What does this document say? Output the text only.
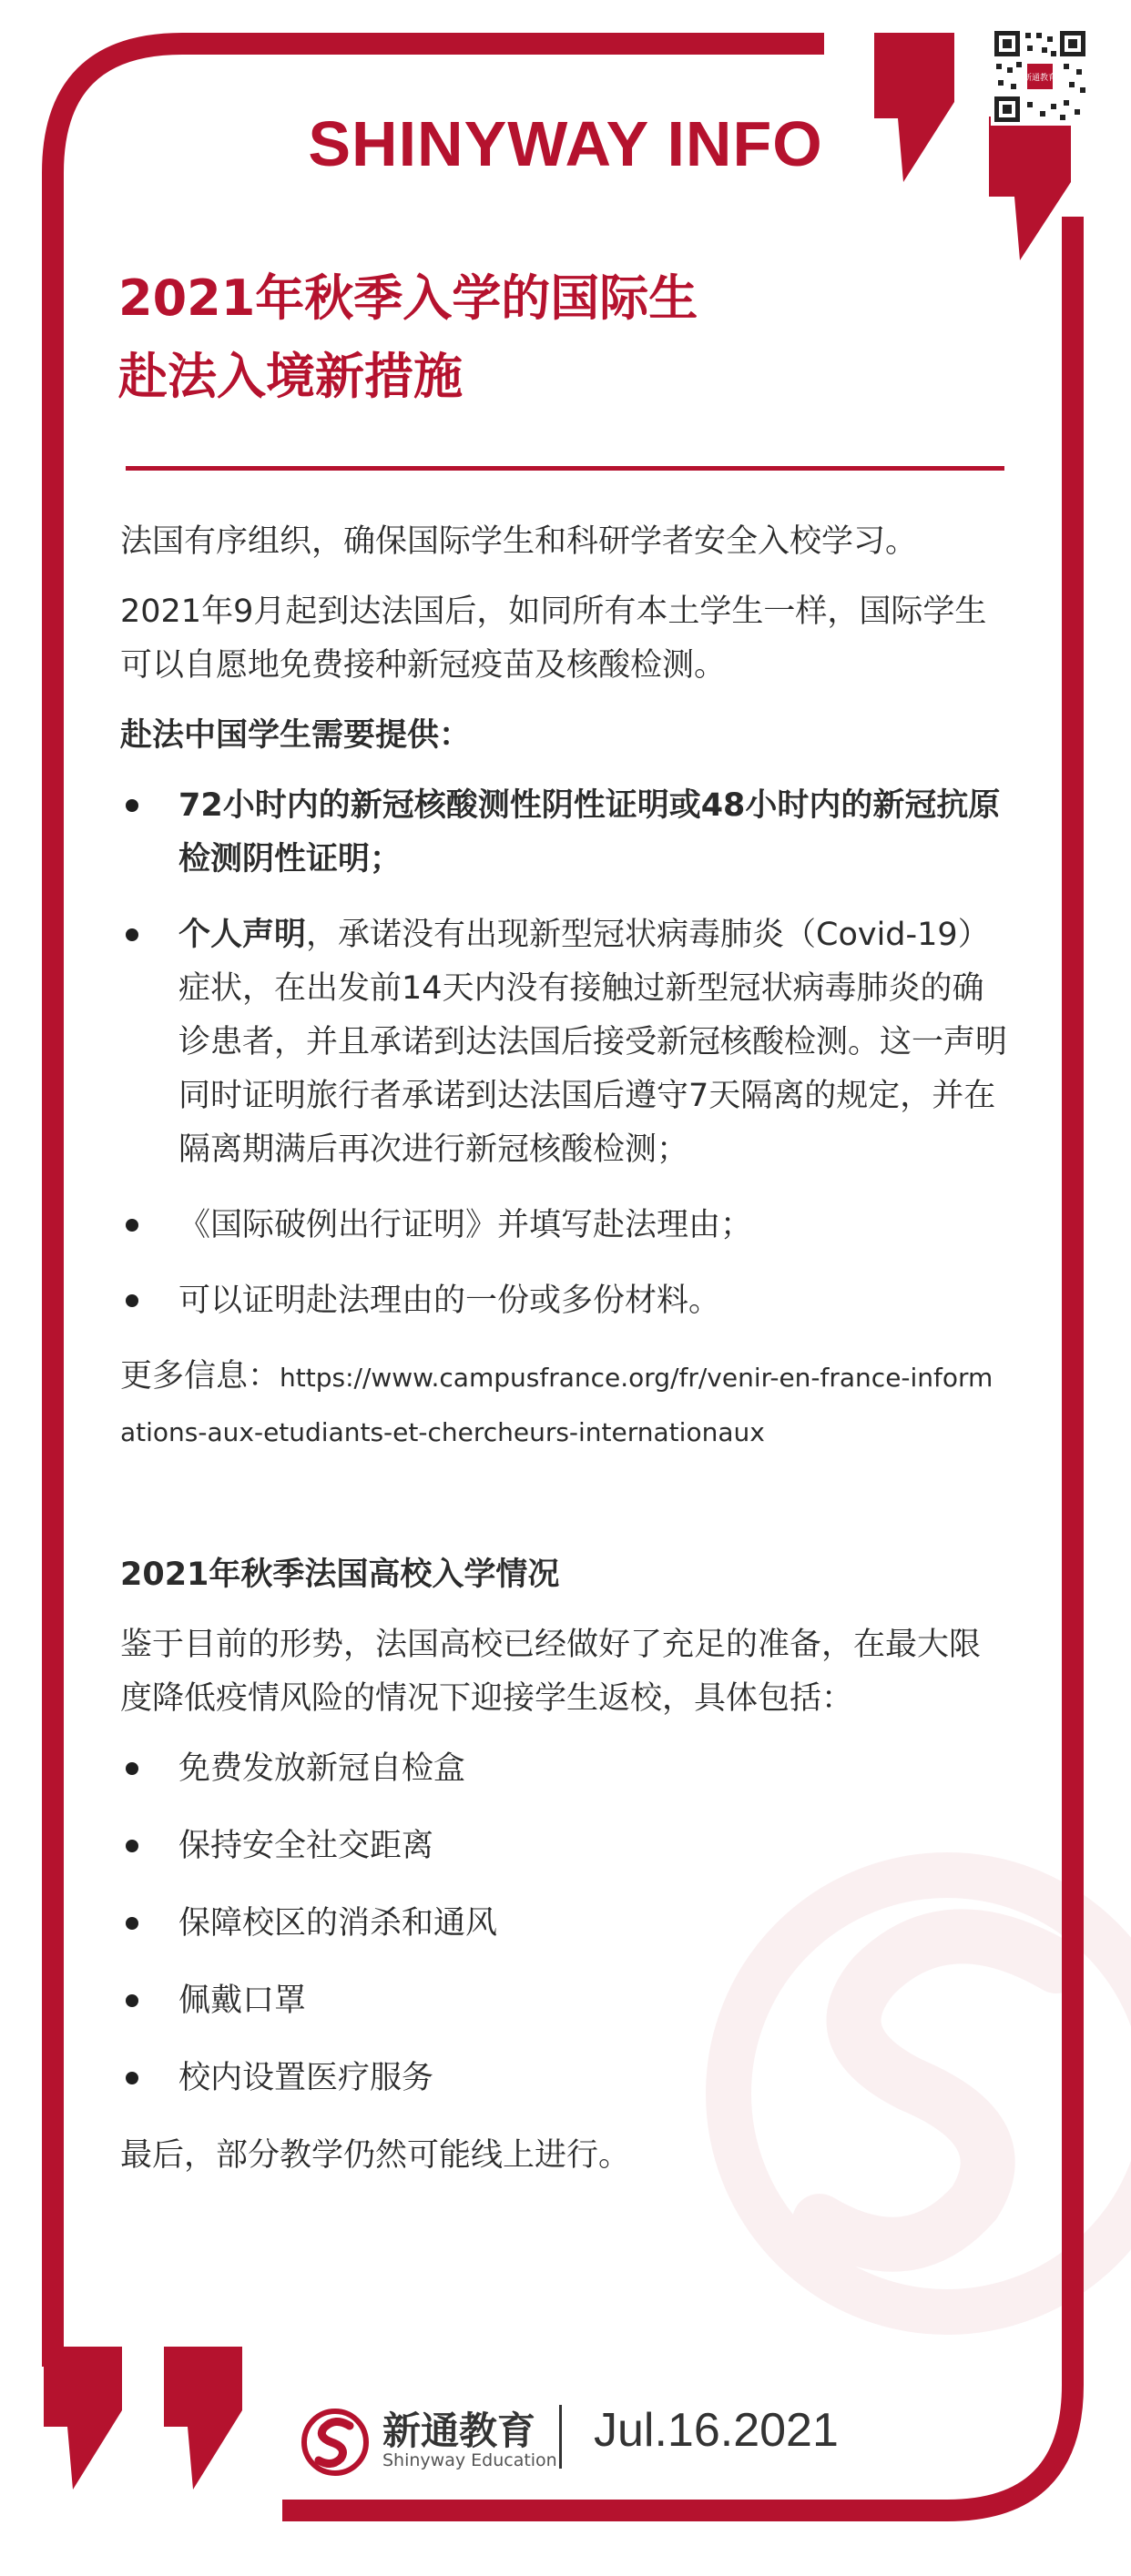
SHINYWAY INFO
新通教育
2021年秋季入学的国际生
赴法入境新措施

法国有序组织，确保国际学生和科研学者安全入校学习。

2021年9月起到达法国后，如同所有本土学生一样，国际学生可以自愿地免费接种新冠疫苗及核酸检测。

赴法中国学生需要提供：

72小时内的新冠核酸测性阴性证明或48小时内的新冠抗原检测阴性证明；
个人声明，承诺没有出现新型冠状病毒肺炎（Covid-19）症状，在出发前14天内没有接触过新型冠状病毒肺炎的确诊患者，并且承诺到达法国后接受新冠核酸检测。这一声明同时证明旅行者承诺到达法国后遵守7天隔离的规定，并在隔离期满后再次进行新冠核酸检测；
《国际破例出行证明》并填写赴法理由；
可以证明赴法理由的一份或多份材料。

更多信息：https://www.campusfrance.org/fr/venir-en-france-informations-aux-etudiants-et-chercheurs-internationaux

2021年秋季法国高校入学情况

鉴于目前的形势，法国高校已经做好了充足的准备，在最大限度降低疫情风险的情况下迎接学生返校，具体包括：

免费发放新冠自检盒
保持安全社交距离
保障校区的消杀和通风
佩戴口罩
校内设置医疗服务

最后，部分教学仍然可能线上进行。

新通教育
Shinyway Education
Jul.16.2021
